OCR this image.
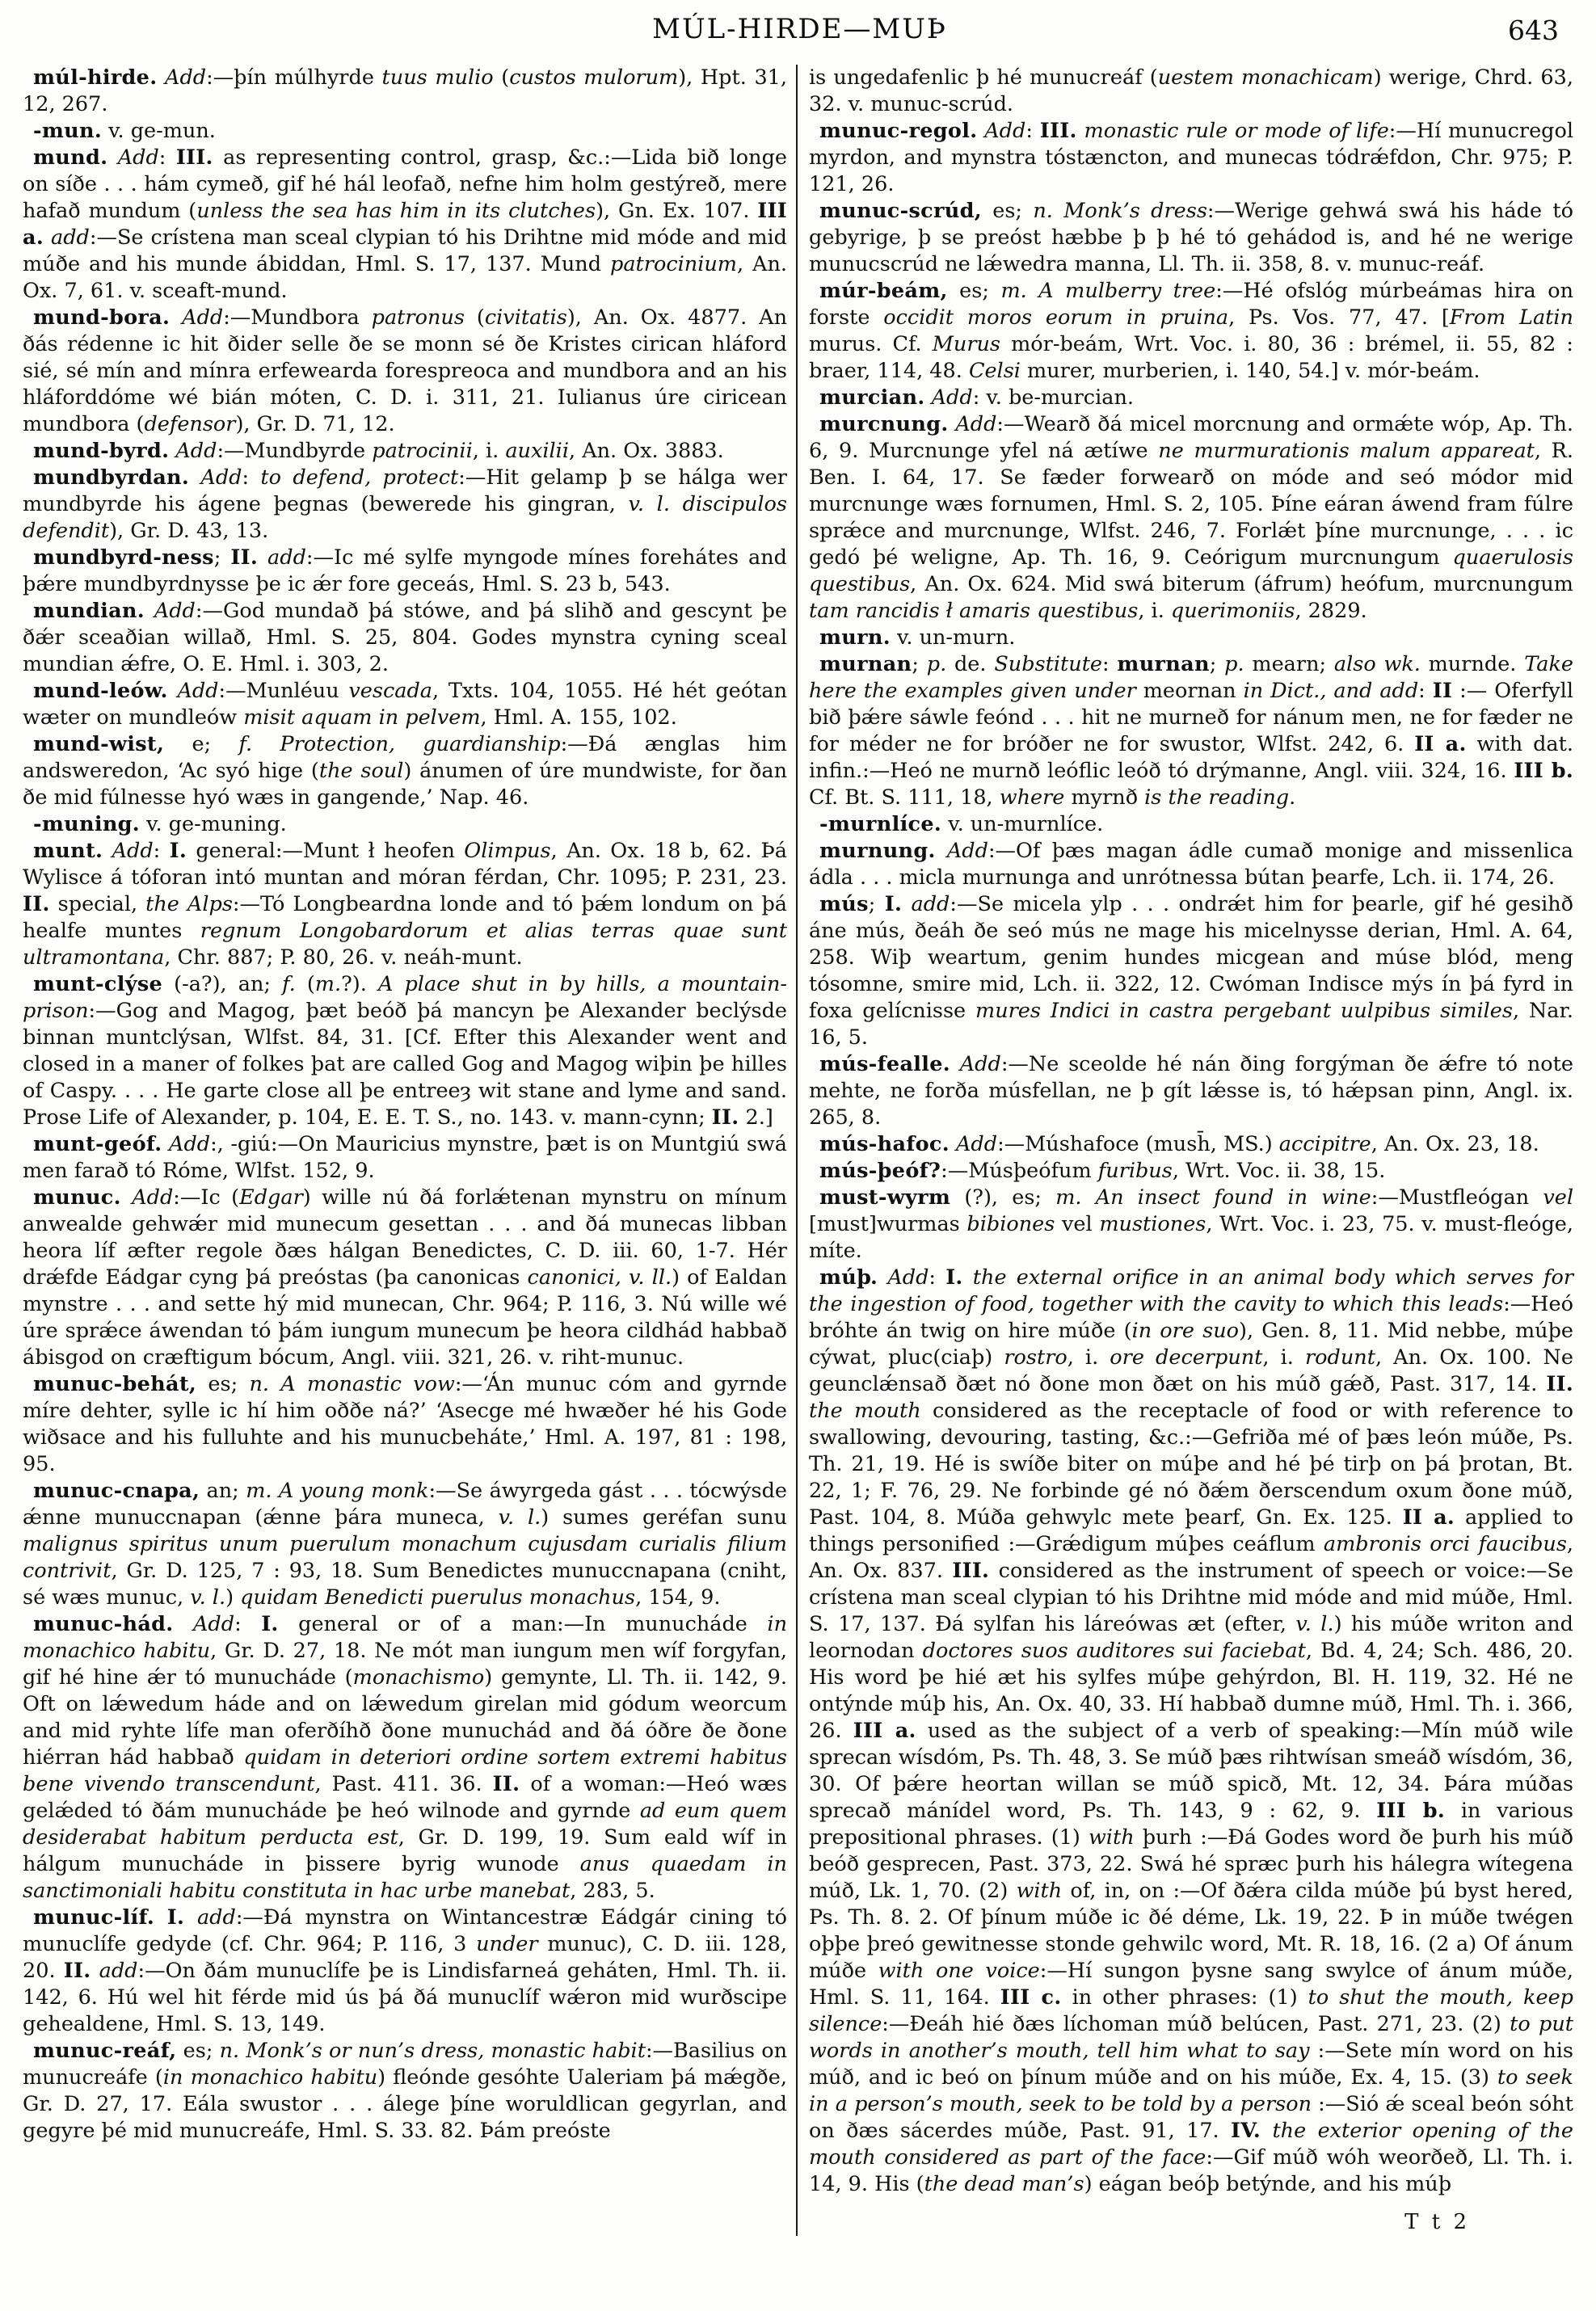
MÚL-HIRDE—MUÞ	643

múl-hirde. Add:—þín múlhyrde tuus mulio (custos mulorum), Hpt. 31, 12, 267.

-mun. v. ge-mun.

mund. Add: III. as representing control, grasp, &c.:—Lida bið longe on síðe . . . hám cymeð, gif hé hál leofað, nefne him holm gestýreð, mere hafað mundum (unless the sea has him in its clutches), Gn. Ex. 107. III a. add:—Se crístena man sceal clypian tó his Drihtne mid móde and mid múðe and his munde ábiddan, Hml. S. 17, 137. Mund patrocinium, An. Ox. 7, 61. v. sceaft-mund.

mund-bora. Add:—Mundbora patronus (civitatis), An. Ox. 4877. An ðás rédenne ic hit ðider selle ðe se monn sé ðe Kristes cirican hláford sié, sé mín and mínra erfewearda forespreoca and mundbora and an his hláforddóme wé bián móten, C. D. i. 311, 21. Iulianus úre ciricean mundbora (defensor), Gr. D. 71, 12.

mund-byrd. Add:—Mundbyrde patrocinii, i. auxilii, An. Ox. 3883.

mundbyrdan. Add: to defend, protect:—Hit gelamp þ se hálga wer mundbyrde his ágene þegnas (bewerede his gingran, v. l. discipulos defendit), Gr. D. 43, 13.

mundbyrd-ness; II. add:—Ic mé sylfe myngode mínes forehátes and þǽre mundbyrdnysse þe ic ǽr fore geceás, Hml. S. 23 b, 543.

mundian. Add:—God mundað þá stówe, and þá slihð and gescynt þe ðǽr sceaðian willað, Hml. S. 25, 804. Godes mynstra cyning sceal mundian ǽfre, O. E. Hml. i. 303, 2.

mund-leów. Add:—Munléuu vescada, Txts. 104, 1055. Hé hét geótan wæter on mundleów misit aquam in pelvem, Hml. A. 155, 102.

mund-wist, e; f. Protection, guardianship:—Ðá ænglas him andsweredon, ‘Ac syó hige (the soul) ánumen of úre mundwiste, for ðan ðe mid fúlnesse hyó wæs in gangende,’ Nap. 46.

-muning. v. ge-muning.

munt. Add: I. general:—Munt ł heofen Olimpus, An. Ox. 18 b, 62. Þá Wylisce á tóforan intó muntan and móran férdan, Chr. 1095; P. 231, 23. II. special, the Alps:—Tó Longbeardna londe and tó þǽm londum on þá healfe muntes regnum Longobardorum et alias terras quae sunt ultramontana, Chr. 887; P. 80, 26. v. neáh-munt.

munt-clýse (-a?), an; f. (m.?). A place shut in by hills, a mountain-prison:—Gog and Magog, þæt beóð þá mancyn þe Alexander beclýsde binnan muntclýsan, Wlfst. 84, 31. [Cf. Efter this Alexander went and closed in a maner of folkes þat are called Gog and Magog wiþin þe hilles of Caspy. . . . He garte close all þe entreeȝ wit stane and lyme and sand. Prose Life of Alexander, p. 104, E. E. T. S., no. 143. v. mann-cynn; II. 2.]

munt-geóf. Add:, -giú:—On Mauricius mynstre, þæt is on Muntgiú swá men farað tó Róme, Wlfst. 152, 9.

munuc. Add:—Ic (Edgar) wille nú ðá forlǽtenan mynstru on mínum anwealde gehwǽr mid munecum gesettan . . . and ðá munecas libban heora líf æfter regole ðæs hálgan Benedictes, C. D. iii. 60, 1-7. Hér drǽfde Eádgar cyng þá preóstas (þa canonicas canonici, v. ll.) of Ealdan mynstre . . . and sette hý mid munecan, Chr. 964; P. 116, 3. Nú wille wé úre sprǽce áwendan tó þám iungum munecum þe heora cildhád habbað ábisgod on cræftigum bócum, Angl. viii. 321, 26. v. riht-munuc.

munuc-behát, es; n. A monastic vow:—‘Án munuc cóm and gyrnde míre dehter, sylle ic hí him oððe ná?’ ‘Asecge mé hwæðer hé his Gode wiðsace and his fulluhte and his munucbeháte,’ Hml. A. 197, 81 : 198, 95.

munuc-cnapa, an; m. A young monk:—Se áwyrgeda gást . . . tócwýsde ǽnne munuccnapan (ǽnne þára muneca, v. l.) sumes geréfan sunu malignus spiritus unum puerulum monachum cujusdam curialis filium contrivit, Gr. D. 125, 7 : 93, 18. Sum Benedictes munuccnapana (cniht, sé wæs munuc, v. l.) quidam Benedicti puerulus monachus, 154, 9.

munuc-hád. Add: I. general or of a man:—In munucháde in monachico habitu, Gr. D. 27, 18. Ne mót man iungum men wíf forgyfan, gif hé hine ǽr tó munucháde (monachismo) gemynte, Ll. Th. ii. 142, 9. Oft on lǽwedum háde and on lǽwedum girelan mid gódum weorcum and mid ryhte lífe man oferðíhð ðone munuchád and ðá óðre ðe ðone hiérran hád habbað quidam in deteriori ordine sortem extremi habitus bene vivendo transcendunt, Past. 411. 36. II. of a woman:—Heó wæs gelǽded tó ðám munucháde þe heó wilnode and gyrnde ad eum quem desiderabat habitum perducta est, Gr. D. 199, 19. Sum eald wíf in hálgum munucháde in þissere byrig wunode anus quaedam in sanctimoniali habitu constituta in hac urbe manebat, 283, 5.

munuc-líf. I. add:—Ðá mynstra on Wintancestræ Eádgár cining tó munuclífe gedyde (cf. Chr. 964; P. 116, 3 under munuc), C. D. iii. 128, 20. II. add:—On ðám munuclífe þe is Lindisfarneá geháten, Hml. Th. ii. 142, 6. Hú wel hit férde mid ús þá ðá munuclíf wǽron mid wurðscipe gehealdene, Hml. S. 13, 149.

munuc-reáf, es; n. Monk’s or nun’s dress, monastic habit:—Basilius on munucreáfe (in monachico habitu) fleónde gesóhte Ualeriam þá mǽgðe, Gr. D. 27, 17. Eála swustor . . . álege þíne woruldlican gegyrlan, and gegyre þé mid munucreáfe, Hml. S. 33. 82. Þám preóste

is ungedafenlic þ hé munucreáf (uestem monachicam) werige, Chrd. 63, 32. v. munuc-scrúd.

munuc-regol. Add: III. monastic rule or mode of life:—Hí munucregol myrdon, and mynstra tóstæncton, and munecas tódrǽfdon, Chr. 975; P. 121, 26.

munuc-scrúd, es; n. Monk’s dress:—Werige gehwá swá his háde tó gebyrige, þ se preóst hæbbe þ þ hé tó gehádod is, and hé ne werige munucscrúd ne lǽwedra manna, Ll. Th. ii. 358, 8. v. munuc-reáf.

múr-beám, es; m. A mulberry tree:—Hé ofslóg múrbeámas hira on forste occidit moros eorum in pruina, Ps. Vos. 77, 47. [From Latin murus. Cf. Murus mór-beám, Wrt. Voc. i. 80, 36 : brémel, ii. 55, 82 : braer, 114, 48. Celsi murer, murberien, i. 140, 54.] v. mór-beám.

murcian. Add: v. be-murcian.

murcnung. Add:—Wearð ðá micel morcnung and ormǽte wóp, Ap. Th. 6, 9. Murcnunge yfel ná ætíwe ne murmurationis malum appareat, R. Ben. I. 64, 17. Se fæder forwearð on móde and seó módor mid murcnunge wæs fornumen, Hml. S. 2, 105. Þíne eáran áwend fram fúlre sprǽce and murcnunge, Wlfst. 246, 7. Forlǽt þíne murcnunge, . . . ic gedó þé weligne, Ap. Th. 16, 9. Ceórigum murcnungum quaerulosis questibus, An. Ox. 624. Mid swá biterum (áfrum) heófum, murcnungum tam rancidis ł amaris questibus, i. querimoniis, 2829.

murn. v. un-murn.

murnan; p. de. Substitute: murnan; p. mearn; also wk. murnde. Take here the examples given under meornan in Dict., and add: II :— Oferfyll bið þǽre sáwle feónd . . . hit ne murneð for nánum men, ne for fæder ne for méder ne for bróðer ne for swustor, Wlfst. 242, 6. II a. with dat. infin.:—Heó ne murnð leóflic leóð tó drýmanne, Angl. viii. 324, 16. III b. Cf. Bt. S. 111, 18, where myrnð is the reading.

-murnlíce. v. un-murnlíce.

murnung. Add:—Of þæs magan ádle cumað monige and missenlica ádla . . . micla murnunga and unrótnessa bútan þearfe, Lch. ii. 174, 26.

mús; I. add:—Se micela ylp . . . ondrǽt him for þearle, gif hé gesihð áne mús, ðeáh ðe seó mús ne mage his micelnysse derian, Hml. A. 64, 258. Wiþ weartum, genim hundes micgean and múse blód, meng tósomne, smire mid, Lch. ii. 322, 12. Cwóman Indisce mýs ín þá fyrd in foxa gelícnisse mures Indici in castra pergebant uulpibus similes, Nar. 16, 5.

mús-fealle. Add:—Ne sceolde hé nán ðing forgýman ðe ǽfre tó note mehte, ne forða músfellan, ne þ gít lǽsse is, tó hǽpsan pinn, Angl. ix. 265, 8.

mús-hafoc. Add:—Múshafoce (mush̄, MS.) accipitre, An. Ox. 23, 18.

mús-þeóf?:—Músþeófum furibus, Wrt. Voc. ii. 38, 15.

must-wyrm (?), es; m. An insect found in wine:—Mustfleógan vel [must]wurmas bibiones vel mustiones, Wrt. Voc. i. 23, 75. v. must-fleóge, míte.

múþ. Add: I. the external orifice in an animal body which serves for the ingestion of food, together with the cavity to which this leads:—Heó bróhte án twig on hire múðe (in ore suo), Gen. 8, 11. Mid nebbe, múþe cýwat, pluc(ciaþ) rostro, i. ore decerpunt, i. rodunt, An. Ox. 100. Ne geunclǽnsað ðæt nó ðone mon ðæt on his múð gǽð, Past. 317, 14. II. the mouth considered as the receptacle of food or with reference to swallowing, devouring, tasting, &c.:—Gefriða mé of þæs león múðe, Ps. Th. 21, 19. Hé is swíðe biter on múþe and hé þé tirþ on þá þrotan, Bt. 22, 1; F. 76, 29. Ne forbinde gé nó ðǽm ðerscendum oxum ðone múð, Past. 104, 8. Múða gehwylc mete þearf, Gn. Ex. 125. II a. applied to things personified :—Grǽdigum múþes ceáflum ambronis orci faucibus, An. Ox. 837. III. considered as the instrument of speech or voice:—Se crístena man sceal clypian tó his Drihtne mid móde and mid múðe, Hml. S. 17, 137. Ðá sylfan his láreówas æt (efter, v. l.) his múðe writon and leornodan doctores suos auditores sui faciebat, Bd. 4, 24; Sch. 486, 20. His word þe hié æt his sylfes múþe gehýrdon, Bl. H. 119, 32. Hé ne ontýnde múþ his, An. Ox. 40, 33. Hí habbað dumne múð, Hml. Th. i. 366, 26. III a. used as the subject of a verb of speaking:—Mín múð wile sprecan wísdóm, Ps. Th. 48, 3. Se múð þæs rihtwísan smeáð wísdóm, 36, 30. Of þǽre heortan willan se múð spicð, Mt. 12, 34. Þára múðas sprecað mánídel word, Ps. Th. 143, 9 : 62, 9. III b. in various prepositional phrases. (1) with þurh :—Ðá Godes word ðe þurh his múð beóð gesprecen, Past. 373, 22. Swá hé spræc þurh his hálegra wítegena múð, Lk. 1, 70. (2) with of, in, on :—Of ðǽra cilda múðe þú byst hered, Ps. Th. 8. 2. Of þínum múðe ic ðé déme, Lk. 19, 22. Þ in múðe twégen oþþe þreó gewitnesse stonde gehwilc word, Mt. R. 18, 16. (2 a) Of ánum múðe with one voice:—Hí sungon þysne sang swylce of ánum múðe, Hml. S. 11, 164. III c. in other phrases: (1) to shut the mouth, keep silence:—Ðeáh hié ðæs líchoman múð belúcen, Past. 271, 23. (2) to put words in another’s mouth, tell him what to say :—Sete mín word on his múð, and ic beó on þínum múðe and on his múðe, Ex. 4, 15. (3) to seek in a person’s mouth, seek to be told by a person :—Sió ǽ sceal beón sóht on ðæs sácerdes múðe, Past. 91, 17. IV. the exterior opening of the mouth considered as part of the face:—Gif múð wóh weorðeð, Ll. Th. i. 14, 9. His (the dead man’s) eágan beóþ betýnde, and his múþ

T t 2
